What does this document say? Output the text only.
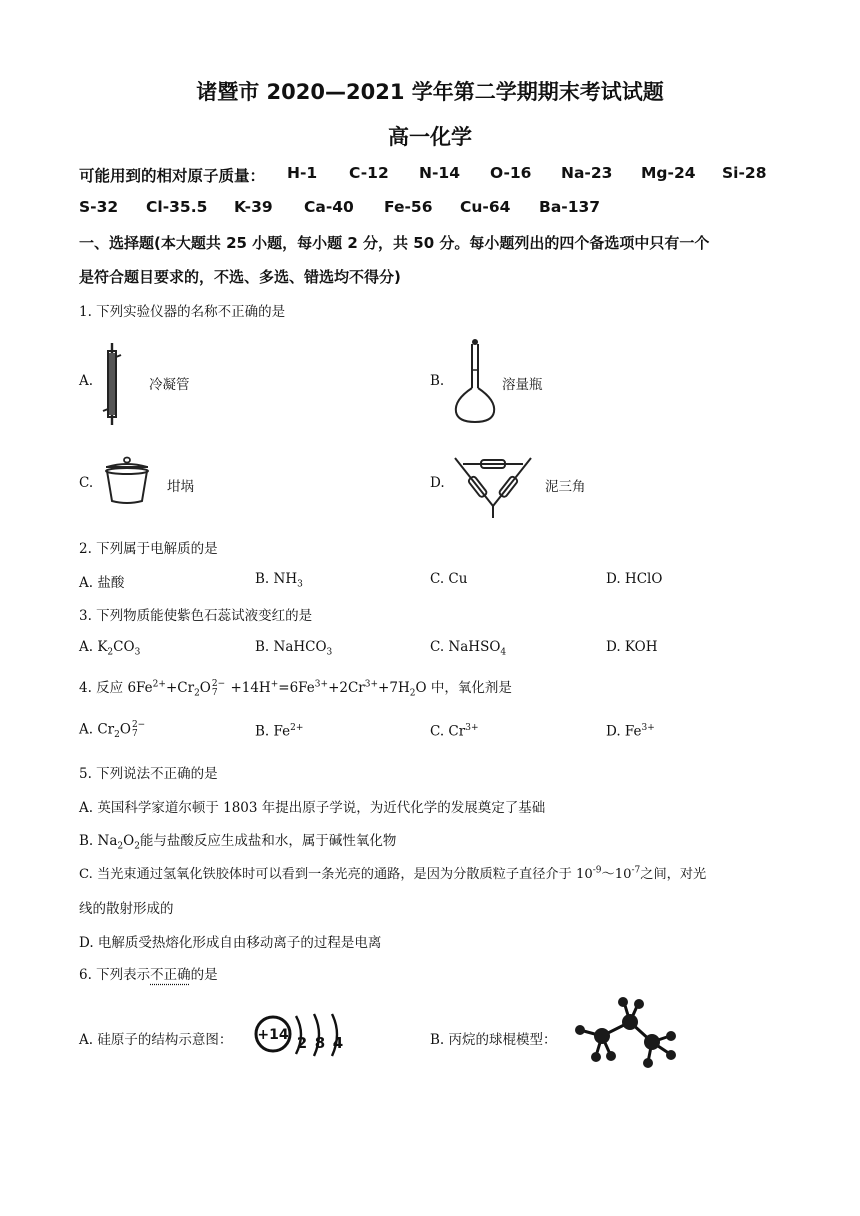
诸暨市 2020—2021 学年第二学期期末考试试题
高一化学
可能用到的相对原子质量： H-1 C-12 N-14 O-16 Na-23 Mg-24 Si-28
S-32 Cl-35.5 K-39 Ca-40 Fe-56 Cu-64 Ba-137
一、选择题(本大题共 25 小题，每小题 2 分，共 50 分。每小题列出的四个备选项中只有一个
是符合题目要求的，不选、多选、错选均不得分)
1. 下列实验仪器的名称不正确的是
A.	冷凝管	B.	溶量瓶
C.	坩埚	D.	泥三角
2. 下列属于电解质的是
A. 盐酸	B. $NH_3$	C. Cu	D. HClO
3. 下列物质能使紫色石蕊试液变红的是
A. $K_2CO_3$	B. NaHCO$_3$	C. NaHSO$_4$	D. KOH
4. 反应 $6Fe^{2+}+Cr_2O$ 2−
$7 +14H^+=6Fe^{3+}+2Cr^{3+}+7H_2O$ 中，氧化剂是
A. $Cr_2O$ 2−
7	B. $Fe^{2+}$	C. $Cr^{3+}$	D. $Fe^{3+}$
5. 下列说法不正确的是
A. 英国科学家道尔顿于 1803 年提出原子学说，为近代化学的发展奠定了基础
B. $Na_2O_2$能与盐酸反应生成盐和水，属于碱性氧化物
C. 当光束通过氢氧化铁胶体时可以看到一条光亮的通路，是因为分散质粒子直径介于 $10^{-9}\sim 10^{-7}$之间，对光
线的散射形成的
D. 电解质受热熔化形成自由移动离子的过程是电离
6. 下列表示不正确的是
A. 硅原子的结构示意图： +14 2 8 4	B. 丙烷的球棍模型：
